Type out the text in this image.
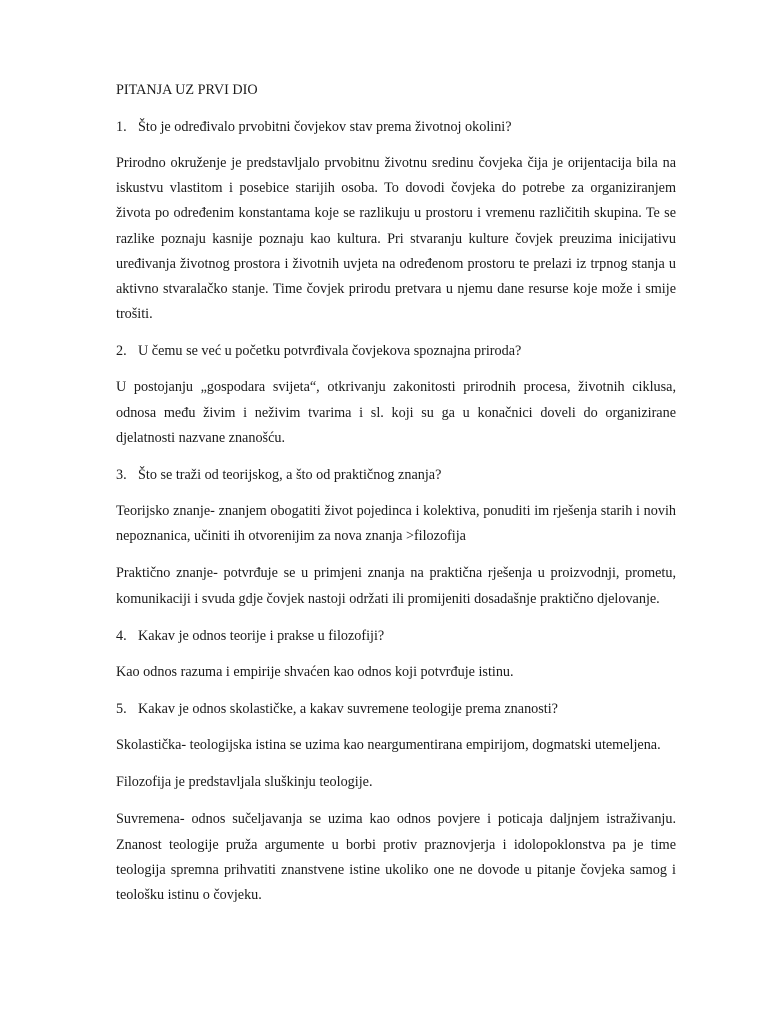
PITANJA UZ PRVI DIO
1. Što je određivalo prvobitni čovjekov stav prema životnoj okolini?

Prirodno okruženje je predstavljalo prvobitnu životnu sredinu čovjeka čija je orijentacija bila na iskustvu vlastitom i posebice starijih osoba. To dovodi čovjeka do potrebe za organiziranjem života po određenim konstantama koje se razlikuju u prostoru i vremenu različitih skupina. Te se razlike poznaju kasnije poznaju kao kultura. Pri stvaranju kulture čovjek preuzima inicijativu uređivanja životnog prostora i životnih uvjeta na određenom prostoru te prelazi iz trpnog stanja u aktivno stvaralačko stanje. Time čovjek prirodu pretvara u njemu dane resurse koje može i smije trošiti.

2. U čemu se već u početku potvrđivala čovjekova spoznajna priroda?

U postojanju „gospodara svijeta“, otkrivanju zakonitosti prirodnih procesa, životnih ciklusa, odnosa među živim i neživim tvarima i sl. koji su ga u konačnici doveli do organizirane djelatnosti nazvane znanošću.

3. Što se traži od teorijskog, a što od praktičnog znanja?

Teorijsko znanje- znanjem obogatiti život pojedinca i kolektiva, ponuditi im rješenja starih i novih nepoznanica, učiniti ih otvorenijim za nova znanja >filozofija

Praktično znanje- potvrđuje se u primjeni znanja na praktična rješenja u proizvodnji, prometu, komunikaciji i svuda gdje čovjek nastoji održati ili promijeniti dosadašnje praktično djelovanje.

4. Kakav je odnos teorije i prakse u filozofiji?

Kao odnos razuma i empirije shvaćen kao odnos koji potvrđuje istinu.

5. Kakav je odnos skolastičke, a kakav suvremene teologije prema znanosti?

Skolastička- teologijska istina se uzima kao neargumentirana empirijom, dogmatski utemeljena.

Filozofija je predstavljala sluškinju teologije.

Suvremena- odnos sučeljavanja se uzima kao odnos povjere i poticaja daljnjem istraživanju. Znanost teologije pruža argumente u borbi protiv praznovjerja i idolopoklonstva pa je time teologija spremna prihvatiti znanstvene istine ukoliko one ne dovode u pitanje čovjeka samog i teološku istinu o čovjeku.
